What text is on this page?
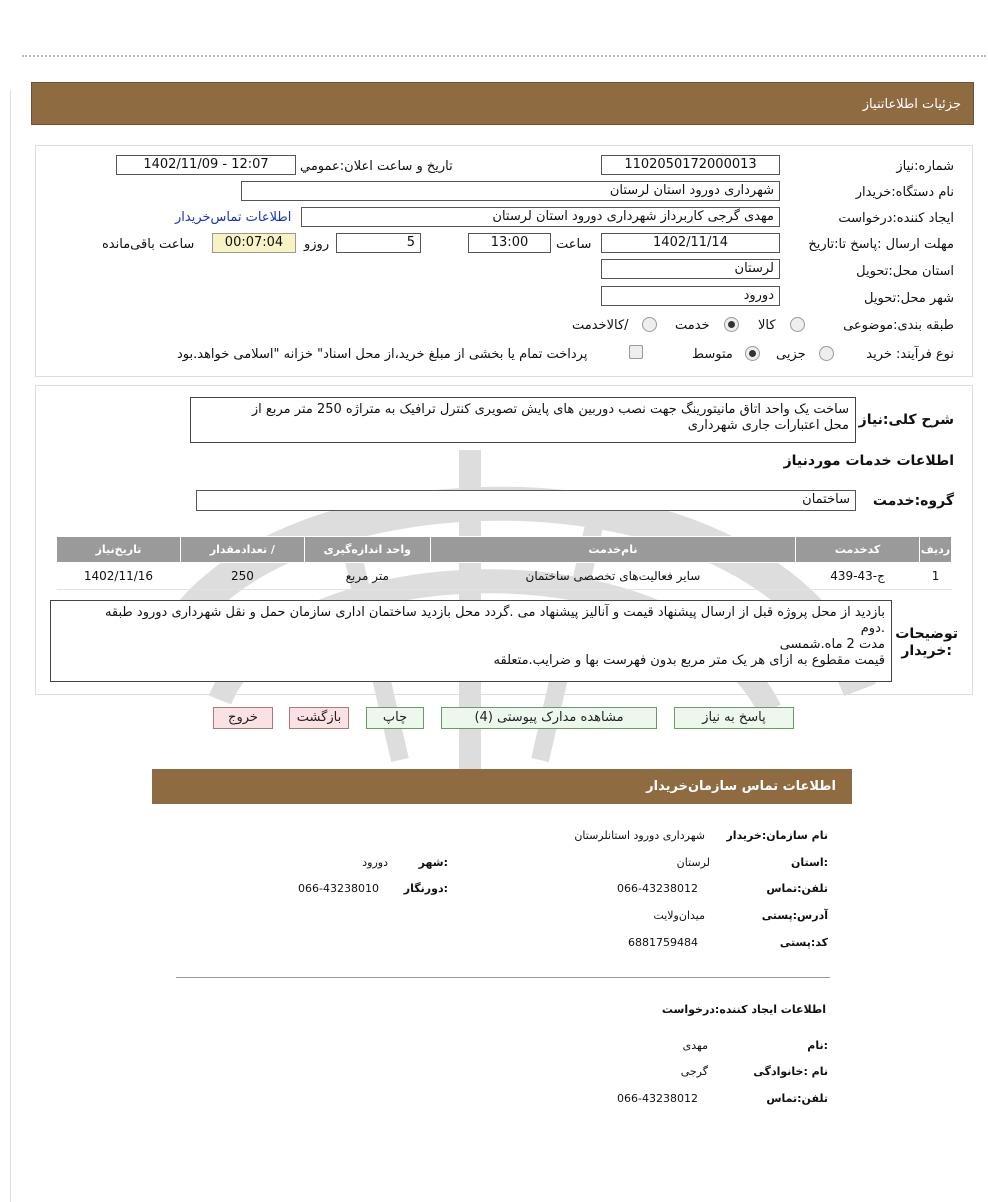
جزئیات اطلاعاتنیاز
شماره:نیاز
1102050172000013
تاریخ و ساعت اعلان:عمومي
1402/11/09 - 12:07
نام دستگاه:خریدار
شهرداری دورود استان لرستان
ایجاد کننده:درخواست
مهدی گرجی کاربرداز شهرداری دورود استان لرستان
اطلاعات تماس‌خریدار
مهلت ارسال :پاسخ تا:تاریخ
1402/11/14
ساعت
13:00
5
روزو
00:07:04
ساعت باقی‌مانده
استان محل:تحویل
لرستان
شهر محل:تحویل
دورود
طبقه بندی:موضوعی
کالا
خدمت
/کالاخدمت
نوع فرآیند: خرید
جزیی
متوسط
پرداخت تمام یا بخشی از مبلغ خرید،از محل اسناد" خزانه "اسلامی خواهد.بود
شرح کلی:نیاز
ساخت یک واحد اتاق مانیتورینگ جهت نصب دوربین های پایش تصویری کنترل ترافیک به متراژه 250 متر مربع از
محل اعتبارات جاری شهرداری
اطلاعات خدمات موردنیاز
گروه:خدمت
ساختمان
ردیف	کدخدمت	نام‌خدمت	واحد اندازه‌گیری	/ تعدادمقدار	تاریخ‌نیاز
1	ج-43-439	سایر فعالیت‌های تخصصی ساختمان	متر مربع	250	1402/11/16
توضیحات
:خریدار
بازدید از محل پروژه قبل از ارسال پیشنهاد قیمت و آنالیز پیشنهاد می .گردد محل بازدید ساختمان اداری سازمان حمل و نقل شهرداری دورود طبقه
.دوم
مدت 2 ماه.شمسی
قیمت مقطوع به ازای هر یک متر مربع بدون فهرست بها و ضرایب.متعلقه
پاسخ به نیاز
مشاهده مدارک پیوستی (4)
چاپ
بازگشت
خروج
اطلاعات تماس سازمان‌خریدار
نام سازمان:خریدار
شهرداری دورود استانلرستان
:استان
لرستان
:شهر
دورود
تلفن:تماس
066-43238012
:دورنگار
066-43238010
آدرس:پستی
میدان‌ولایت
کد:پستی
6881759484
اطلاعات ایجاد کننده:درخواست
:نام
مهدی
نام :خانوادگی
گرجی
تلفن:تماس
066-43238012
